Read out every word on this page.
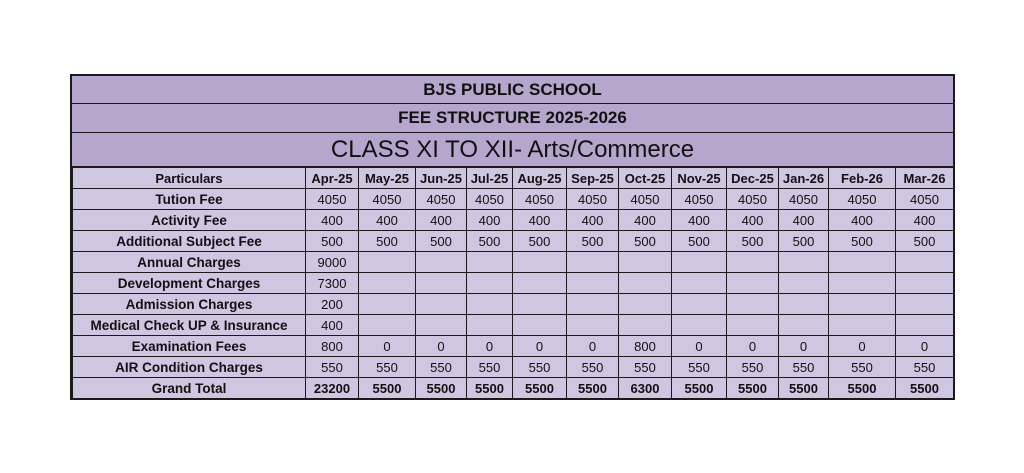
BJS PUBLIC SCHOOL
FEE STRUCTURE 2025-2026
CLASS XI TO XII- Arts/Commerce
Particulars	Apr-25	May-25	Jun-25	Jul-25	Aug-25	Sep-25	Oct-25	Nov-25	Dec-25	Jan-26	Feb-26	Mar-26
Tution Fee	4050	4050	4050	4050	4050	4050	4050	4050	4050	4050	4050	4050
Activity Fee	400	400	400	400	400	400	400	400	400	400	400	400
Additional Subject Fee	500	500	500	500	500	500	500	500	500	500	500	500
Annual Charges	9000											
Development Charges	7300											
Admission Charges	200											
Medical Check UP & Insurance	400											
Examination Fees	800	0	0	0	0	0	800	0	0	0	0	0
AIR Condition Charges	550	550	550	550	550	550	550	550	550	550	550	550
Grand Total	23200	5500	5500	5500	5500	5500	6300	5500	5500	5500	5500	5500
